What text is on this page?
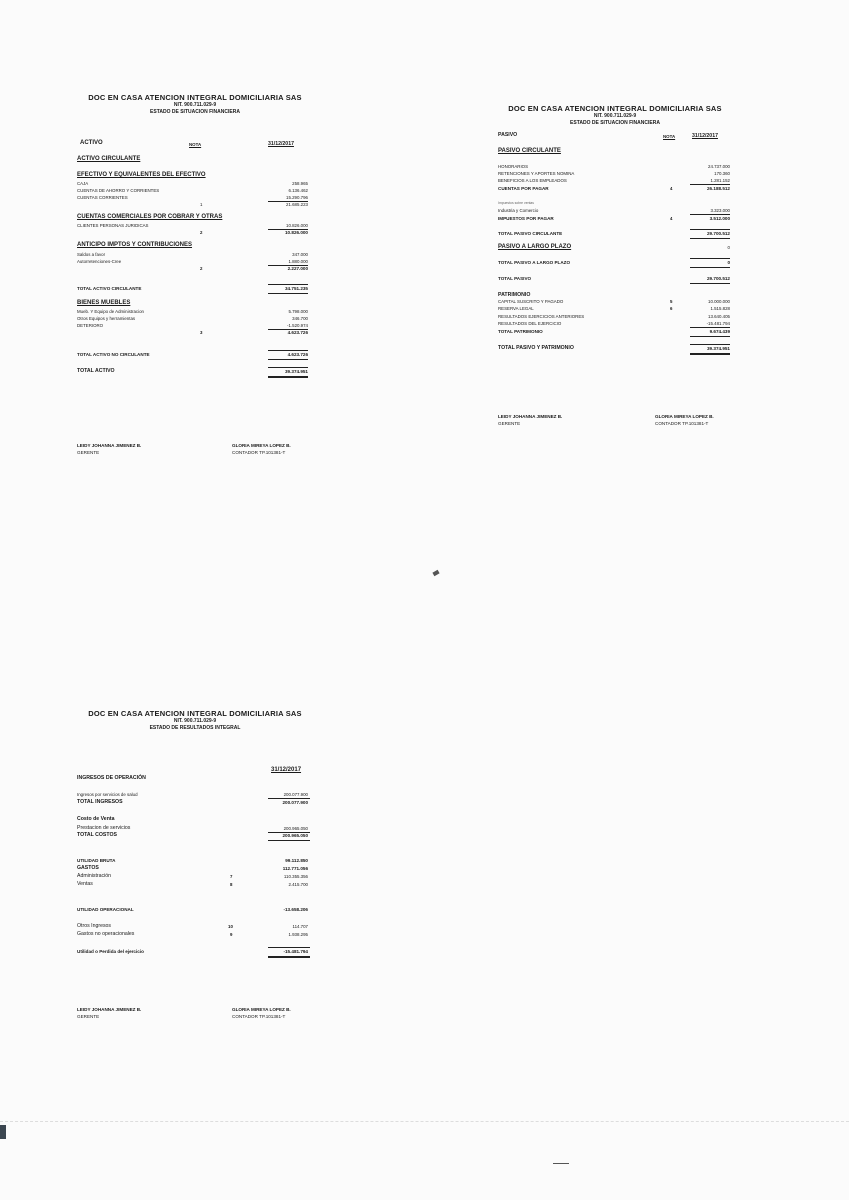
DOC EN CASA ATENCION INTEGRAL DOMICILIARIA SAS
NIT. 900.711.029-9
ESTADO DE SITUACION FINANCIERA
ACTIVO	NOTA	31/12/2017
ACTIVO CIRCULANTE
EFECTIVO Y EQUIVALENTES DEL EFECTIVO
CAJA	258.965
CUENTAS DE AHORRO Y CORRIENTES	6.136.462
CUENTAS CORRIENTES	15.290.796
1	21.685.223
CUENTAS COMERCIALES POR COBRAR Y OTRAS
CLIENTES PERSONAS JURIDICAS	10.826.000
2	10.826.000
ANTICIPO IMPTOS Y CONTRIBUCIONES
Saldos a favor	347.000
Autorretenciones-Cree	1.880.000
2	2.227.000
TOTAL ACTIVO CIRCULANTE	34.751.235
BIENES MUEBLES
Mueb. Y Equipo de Administracion	5.798.000
Otros Equipos y herramientas	346.700
DETERIORO	-1.520.974
3	4.623.726
TOTAL ACTIVO NO CIRCULANTE	4.623.726
TOTAL ACTIVO	39.374.951
LEIDY JOHANNA JIMENEZ B.
GERENTE
GLORIA MIREYA LOPEZ B.
CONTADOR TP.101381-T
DOC EN CASA ATENCION INTEGRAL DOMICILIARIA SAS
NIT. 900.711.029-9
ESTADO DE SITUACION FINANCIERA
PASIVO	NOTA	31/12/2017
PASIVO CIRCULANTE
HONORARIOS	24.737.000
RETENCIONES Y APORTES NOMINA	170.360
BENEFICIOS A LOS EMPLEADOS	1.281.152
CUENTAS POR PAGAR	4	26.188.512
Impuestos sobre ventas
Industria y Comercio	3.323.000
IMPUESTOS POR PAGAR	4	3.512.000
TOTAL PASIVO CIRCULANTE	29.700.512
PASIVO A LARGO PLAZO	0
TOTAL PASIVO A LARGO PLAZO	0
TOTAL PASIVO	29.700.512
PATRIMONIO
CAPITAL SUSCRITO Y PAGADO	5	10.000.000
RESERVA LEGAL	6	1.515.828
RESULTADOS EJERCICIOS ANTERIORES	13.640.405
RESULTADOS DEL EJERCICIO	-15.481.794
TOTAL PATRIMONIO	9.674.439
TOTAL PASIVO Y PATRIMONIO	39.374.951
LEIDY JOHANNA JIMENEZ B.
GERENTE
GLORIA MIREYA LOPEZ B.
CONTADOR TP.101381-T
DOC EN CASA ATENCION INTEGRAL DOMICILIARIA SAS
NIT. 900.711.029-9
ESTADO DE RESULTADOS INTEGRAL
31/12/2017
INGRESOS DE OPERACIÓN
Ingresos por servicios de salud	200.077.900
TOTAL INGRESOS	200.077.900
Costo de Venta
Prestacion de servicios	200.965.050
TOTAL COSTOS	200.965.050
UTILIDAD BRUTA	99.112.850
GASTOS	112.771.056
Administración	7	110.355.356
Ventas	8	2.415.700
UTILIDAD OPERACIONAL	-13.658.206
Otros Ingresos	10	114.707
Gastos no operacionales	9	1.938.295
Utilidad o Perdida del ejercicio	-15.481.794
LEIDY JOHANNA JIMENEZ B.
GERENTE
GLORIA MIREYA LOPEZ B.
CONTADOR TP.101381-T
